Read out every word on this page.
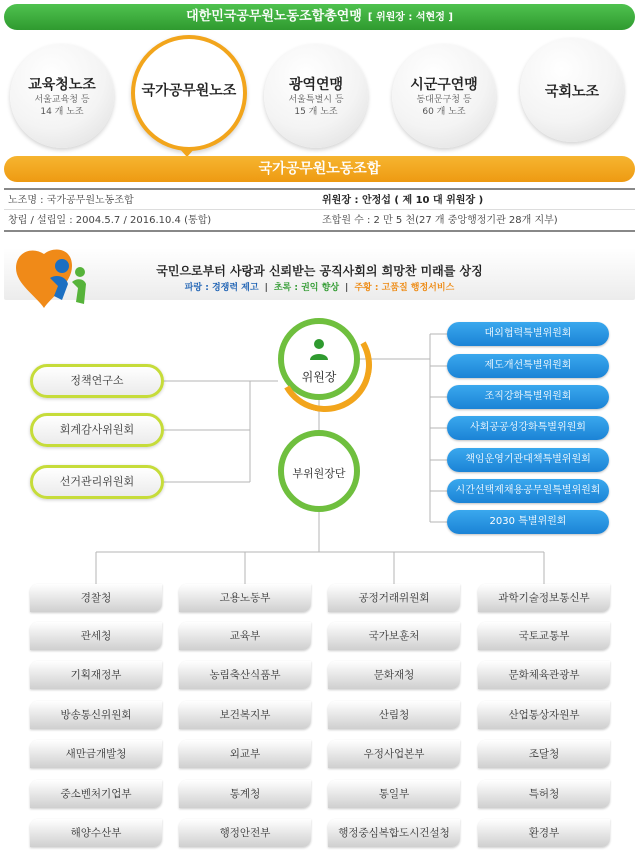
대한민국공무원노동조합총연맹 [ 위원장 : 석현정 ]
교육청노조
서울교육청 등
14 개 노조
국가공무원노조	광역연맹
서울특별시 등
15 개 노조
시군구연맹
동대문구청 등
60 개 노조
국회노조
국가공무원노동조합
노조명 : 국가공무원노동조합	위원장 : 안정섭 ( 제 10 대 위원장 )
창립 / 설립일 : 2004.5.7 / 2016.10.4 (통합)	조합원 수 : 2 만 5 천(27 개 중앙행정기관 28개 지부)
국민으로부터 사랑과 신뢰받는 공직사회의 희망찬 미래를 상징
파랑 : 경쟁력 제고 | 초록 : 권익 향상 | 주황 : 고품질 행정서비스
정책연구소
회계감사위원회
선거관리위원회
위원장
부위원장단
대외협력특별위원회
제도개선특별위원회
조직강화특별위원회
사회공공성강화특별위원회
책임운영기관대책특별위원회
시간선택제채용공무원특별위원회
2030 특별위원회
경찰청	고용노동부	공정거래위원회	과학기술정보통신부
관세청	교육부	국가보훈처	국토교통부
기획재정부	농림축산식품부	문화재청	문화체육관광부
방송통신위원회	보건복지부	산림청	산업통상자원부
새만금개발청	외교부	우정사업본부	조달청
중소벤처기업부	통계청	통일부	특허청
해양수산부	행정안전부	행정중심복합도시건설청	환경부
